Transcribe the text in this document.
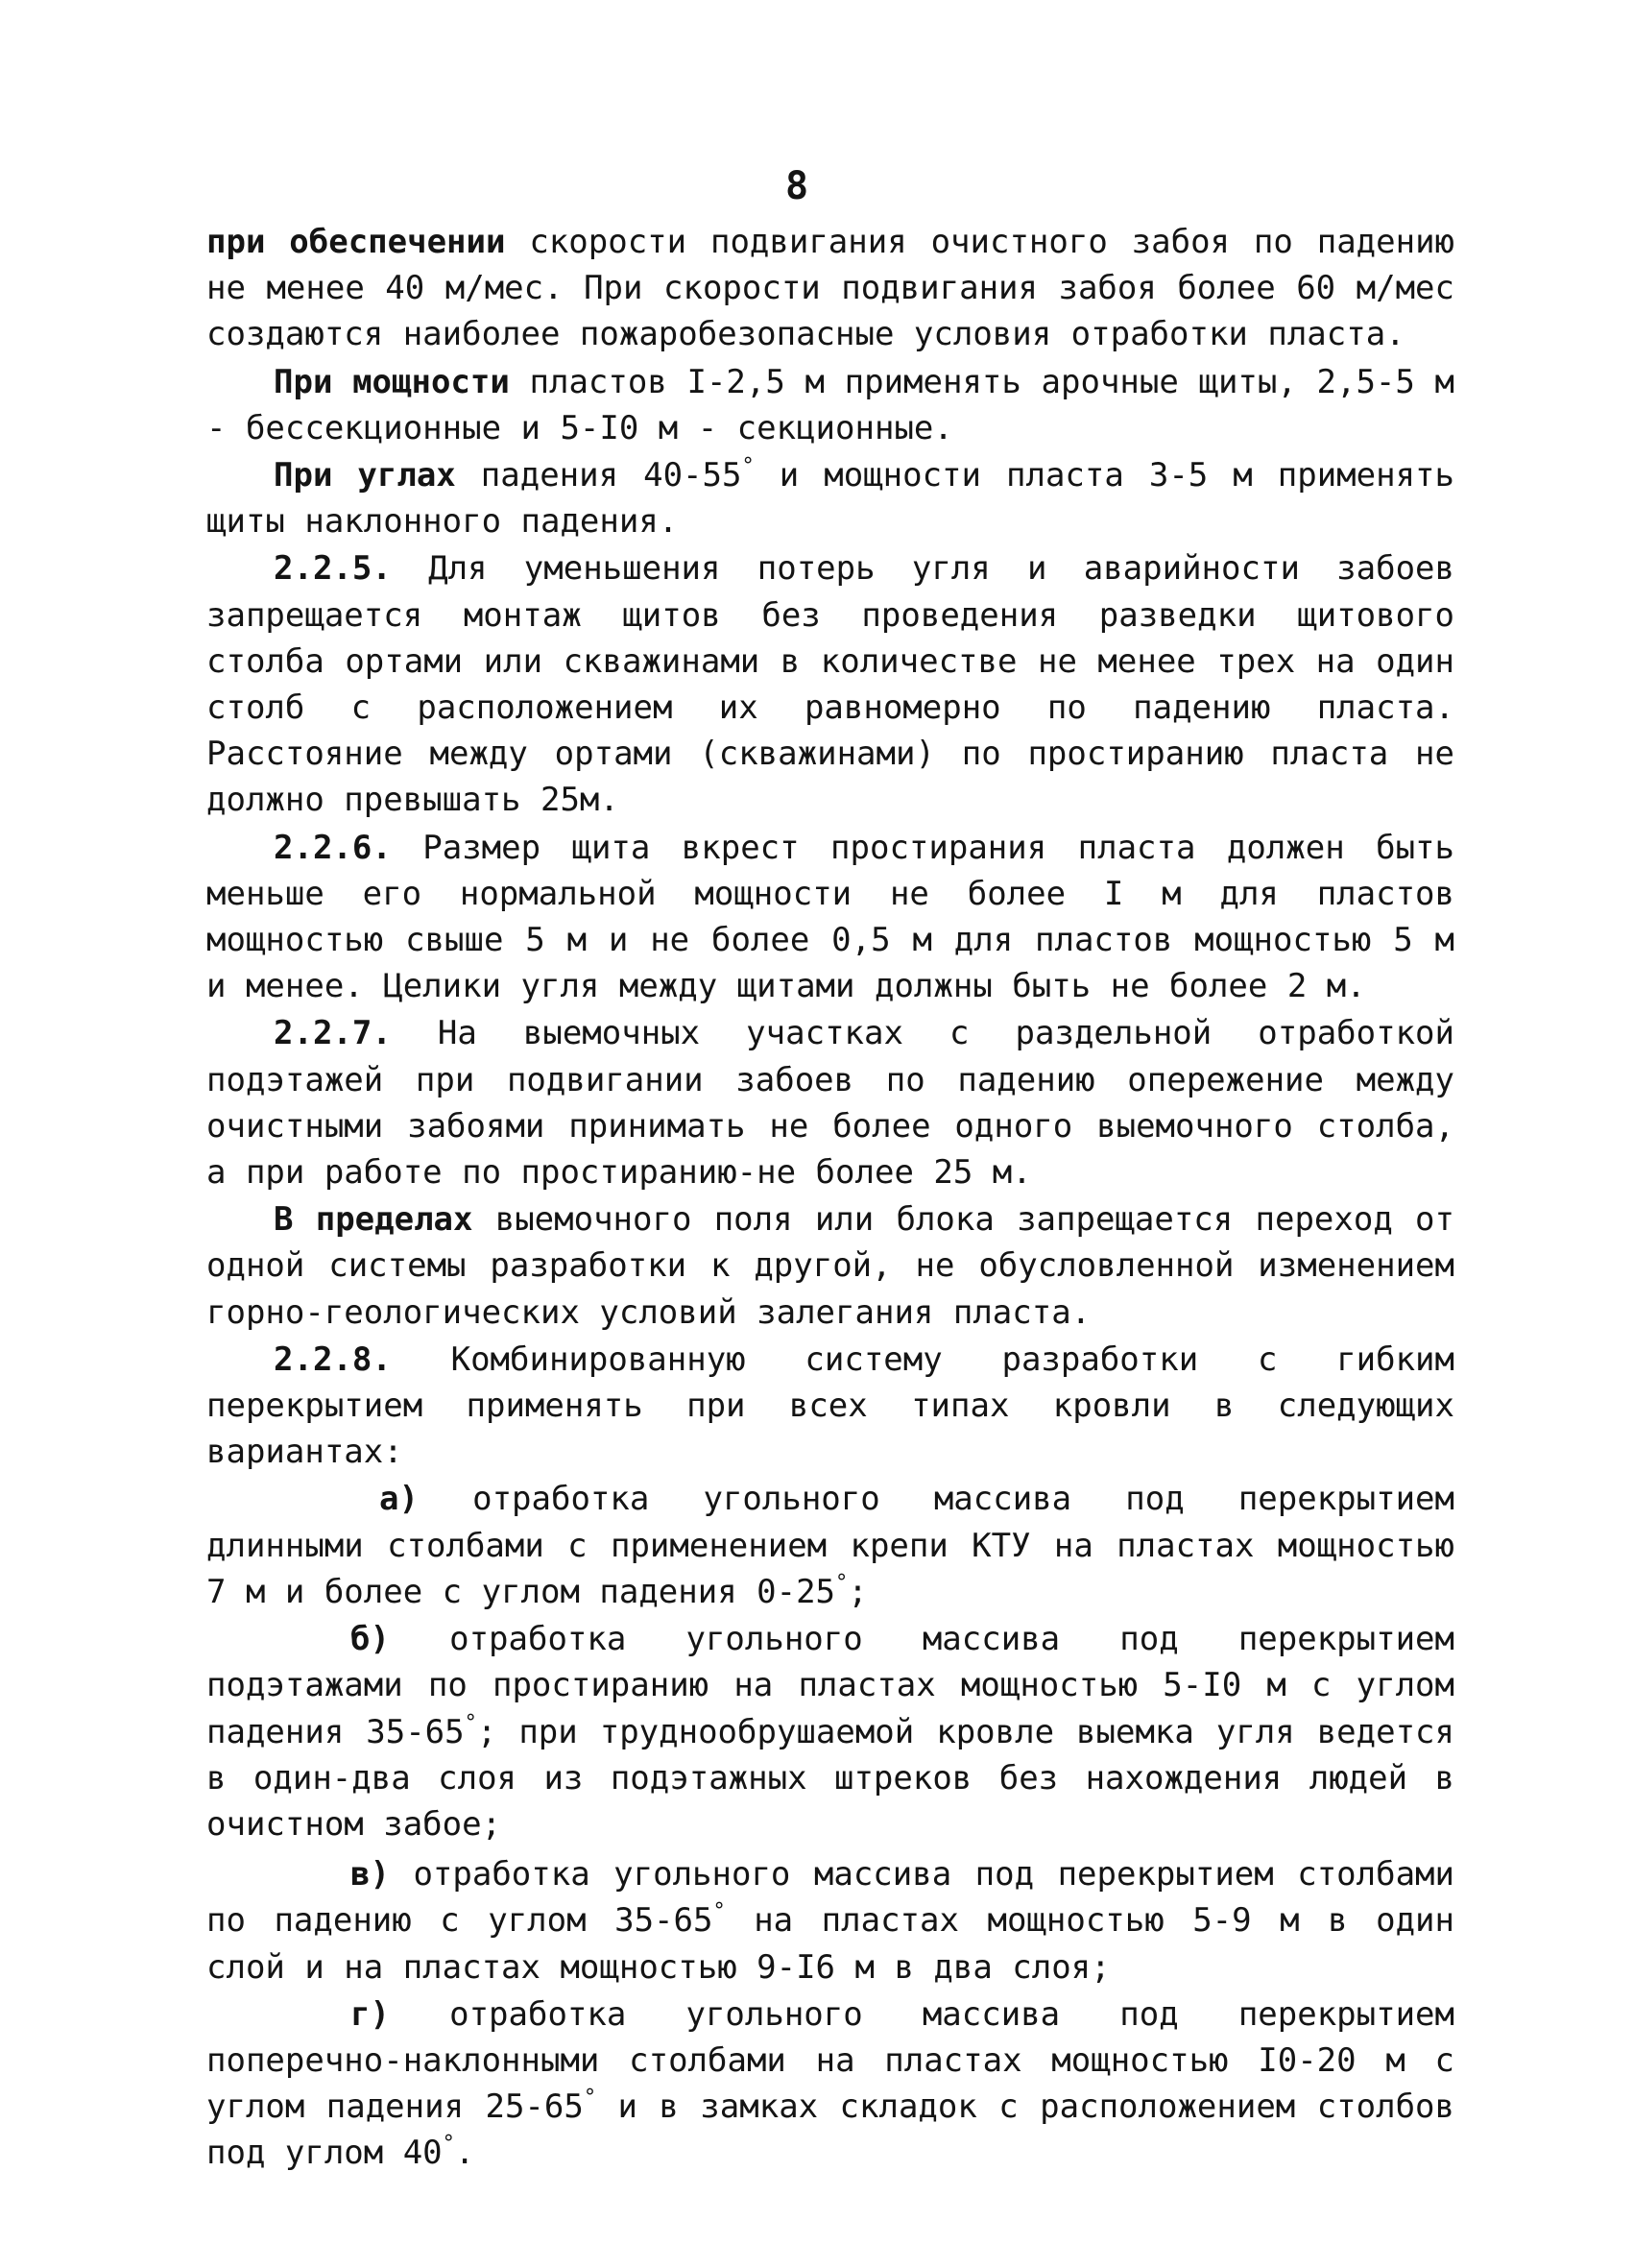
8

при обеспечении скорости подвигания очистного забоя по падению не менее 40 м/мес. При скорости подвигания забоя более 60 м/мес создаются наиболее пожаробезопасные условия отработки пласта.

При мощности пластов I-2,5 м применять арочные щиты, 2,5-5 м - бессекционные и 5-I0 м - секционные.

При углах падения 40-55° и мощности пласта 3-5 м применять щиты наклонного падения.

2.2.5. Для уменьшения потерь угля и аварийности забоев запрещается монтаж щитов без проведения разведки щитового столба ортами или скважинами в количестве не менее трех на один столб с расположением их равномерно по падению пласта. Расстояние между ортами (скважинами) по простиранию пласта не должно превышать 25м.

2.2.6. Размер щита вкрест простирания пласта должен быть меньше его нормальной мощности не более I м для пластов мощностью свыше 5 м и не более 0,5 м для пластов мощностью 5 м и менее. Целики угля между щитами должны быть не более 2 м.

2.2.7. На выемочных участках с раздельной отработкой подэтажей при подвигании забоев по падению опережение между очистными забоями принимать не более одного выемочного столба, а при работе по простиранию-не более 25 м.

В пределах выемочного поля или блока запрещается переход от одной системы разработки к другой, не обусловленной изменением горно-геологических условий залегания пласта.

2.2.8. Комбинированную систему разработки с гибким перекрытием применять при всех типах кровли в следующих вариантах:

а) отработка угольного массива под перекрытием длинными столбами с применением крепи КТУ на пластах мощностью 7 м и более с углом падения 0-25°;

б) отработка угольного массива под перекрытием подэтажами по простиранию на пластах мощностью 5-I0 м с углом падения 35-65°; при труднообрушаемой кровле выемка угля ведется в один-два слоя из подэтажных штреков без нахождения людей в очистном забое;

в) отработка угольного массива под перекрытием столбами по падению с углом 35-65° на пластах мощностью 5-9 м в один слой и на пластах мощностью 9-I6 м в два слоя;

г) отработка угольного массива под перекрытием поперечно-наклонными столбами на пластах мощностью I0-20 м с углом падения 25-65° и в замках складок с расположением столбов под углом 40°.
